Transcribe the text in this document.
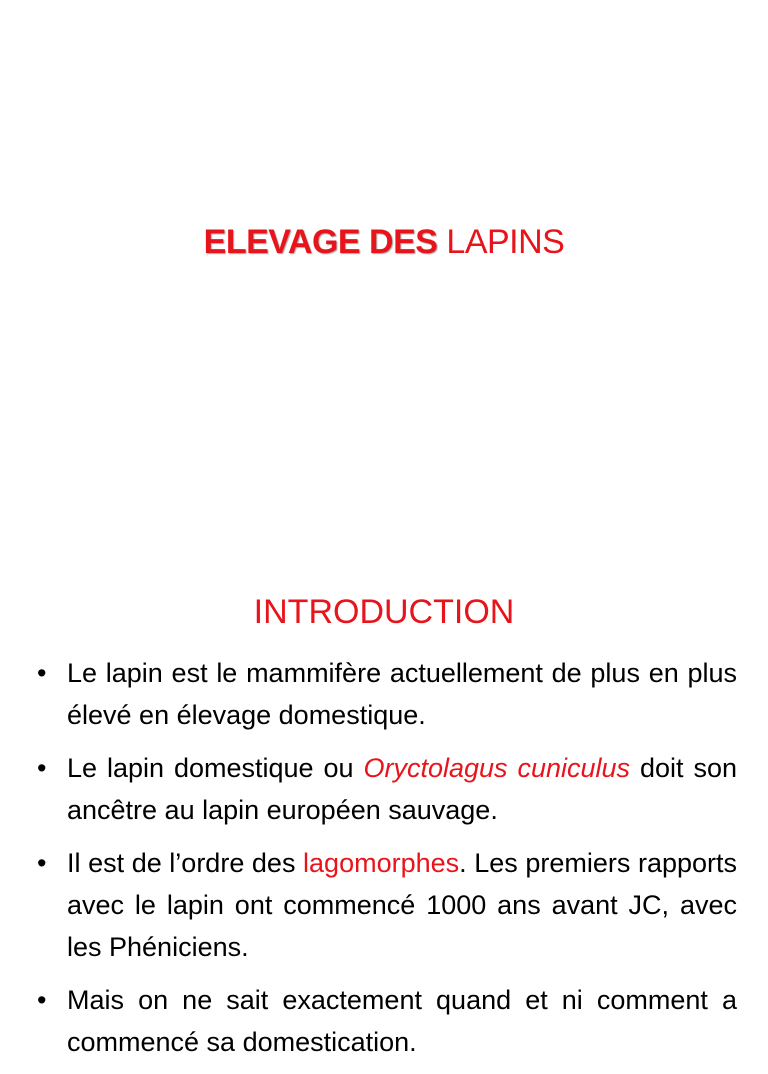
ELEVAGE DES LAPINS
INTRODUCTION
• Le lapin est le mammifère actuellement de plus en plus élevé en élevage domestique.
• Le lapin domestique ou Oryctolagus cuniculus doit son ancêtre au lapin européen sauvage.
• Il est de l’ordre des lagomorphes. Les premiers rapports avec le lapin ont commencé 1000 ans avant JC, avec les Phéniciens.
• Mais on ne sait exactement quand et ni comment a commencé sa domestication.
